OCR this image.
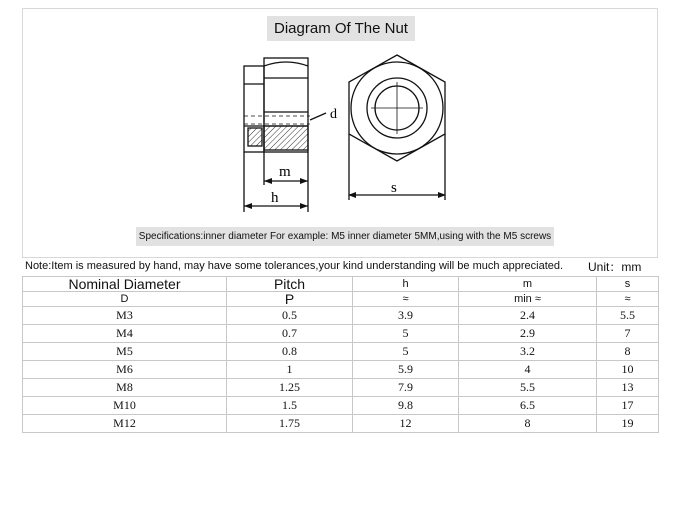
d
m
h
s
Diagram Of The Nut
Specifications:inner diameter For example: M5 inner diameter 5MM,using with the M5 screws
Note:Item is measured by hand, may have some tolerances,your kind understanding will be much appreciated. Unit：mm
Nominal Diameter	Pitch	h	m	s
D	P	≈	min ≈	≈
M3	0.5	3.9	2.4	5.5
M4	0.7	5	2.9	7
M5	0.8	5	3.2	8
M6	1	5.9	4	10
M8	1.25	7.9	5.5	13
M10	1.5	9.8	6.5	17
M12	1.75	12	8	19
